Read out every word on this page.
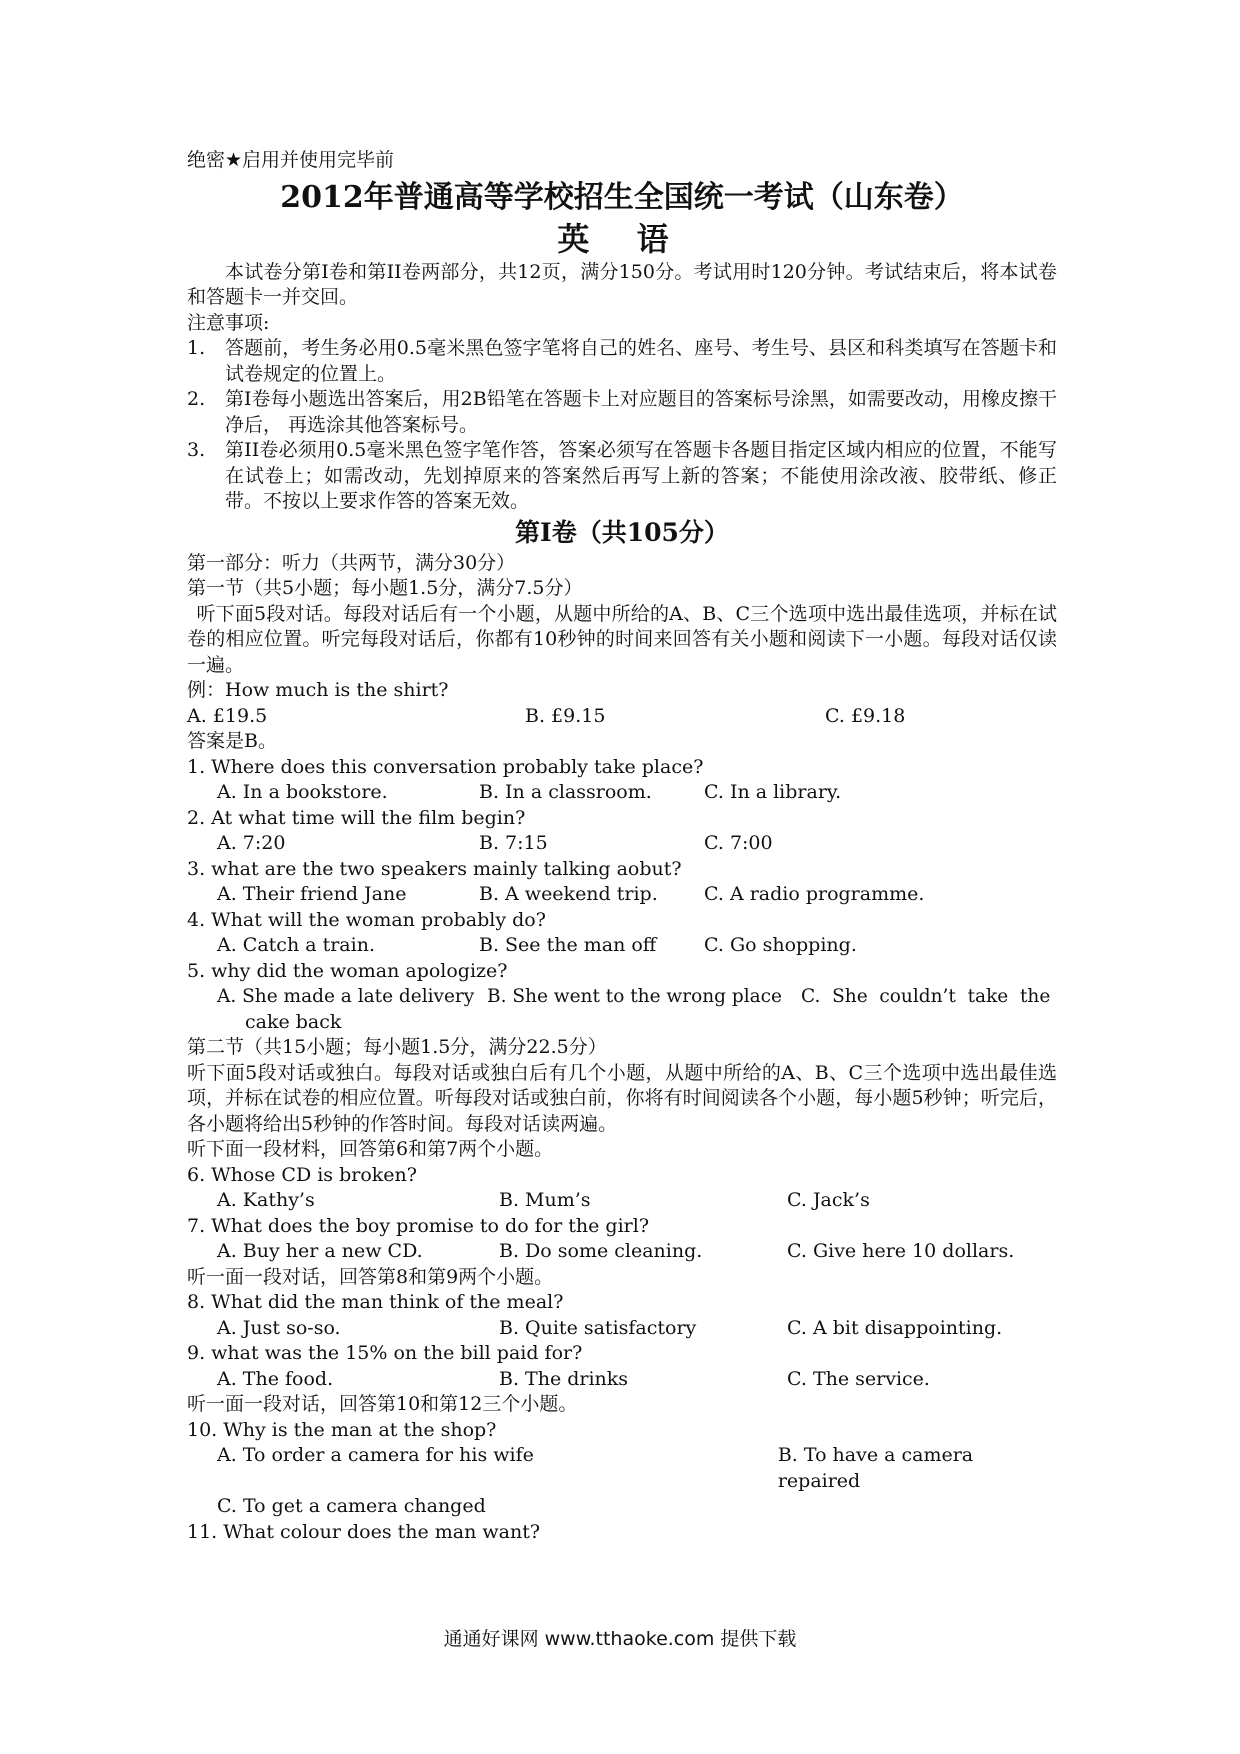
绝密★启用并使用完毕前
2012年普通高等学校招生全国统一考试（山东卷）
英 语
本试卷分第I卷和第II卷两部分，共12页，满分150分。考试用时120分钟。考试结束后，将本试卷和答题卡一并交回。
注意事项:
1.	答题前，考生务必用0.5毫米黑色签字笔将自己的姓名、座号、考生号、县区和科类填写在答题卡和试卷规定的位置上。
2.	第I卷每小题选出答案后，用2B铅笔在答题卡上对应题目的答案标号涂黑，如需要改动，用橡皮擦干净后， 再选涂其他答案标号。
3.	第II卷必须用0.5毫米黑色签字笔作答，答案必须写在答题卡各题目指定区域内相应的位置，不能写在试卷上；如需改动，先划掉原来的答案然后再写上新的答案；不能使用涂改液、胶带纸、修正带。不按以上要求作答的答案无效。
第I卷（共105分）
第一部分：听力（共两节，满分30分）
第一节（共5小题；每小题1.5分，满分7.5分）
听下面5段对话。每段对话后有一个小题，从题中所给的A、B、C三个选项中选出最佳选项，并标在试卷的相应位置。听完每段对话后，你都有10秒钟的时间来回答有关小题和阅读下一小题。每段对话仅读一遍。
例：How much is the shirt?
A. £19.5	B. £9.15	C. £9.18
答案是B。
1. Where does this conversation probably take place?
A. In a bookstore.	B. In a classroom.	C. In a library.
2. At what time will the film begin?
A. 7:20	B. 7:15	C. 7:00
3. what are the two speakers mainly talking aobut?
A. Their friend Jane	B. A weekend trip.	C. A radio programme.
4. What will the woman probably do?
A. Catch a train.	B. See the man off	C. Go shopping.
5. why did the woman apologize?
A. She made a late delivery B. She went to the wrong place	C.  She  couldn’t  take  the
cake back
第二节（共15小题；每小题1.5分，满分22.5分）
听下面5段对话或独白。每段对话或独白后有几个小题，从题中所给的A、B、C三个选项中选出最佳选项，并标在试卷的相应位置。听每段对话或独白前，你将有时间阅读各个小题，每小题5秒钟；听完后，各小题将给出5秒钟的作答时间。每段对话读两遍。
听下面一段材料，回答第6和第7两个小题。
6. Whose CD is broken?
A. Kathy’s	B. Mum’s	C. Jack’s
7. What does the boy promise to do for the girl?
A. Buy her a new CD.	B. Do some cleaning.	C. Give here 10 dollars.
听一面一段对话，回答第8和第9两个小题。
8. What did the man think of the meal?
A. Just so-so.	B. Quite satisfactory	C. A bit disappointing.
9. what was the 15% on the bill paid for?
A. The food.	B. The drinks	C. The service.
听一面一段对话，回答第10和第12三个小题。
10. Why is the man at the shop?
A. To order a camera for his wife	B. To have a camera repaired
C. To get a camera changed
11. What colour does the man want?
通通好课网 www.tthaoke.com 提供下载
